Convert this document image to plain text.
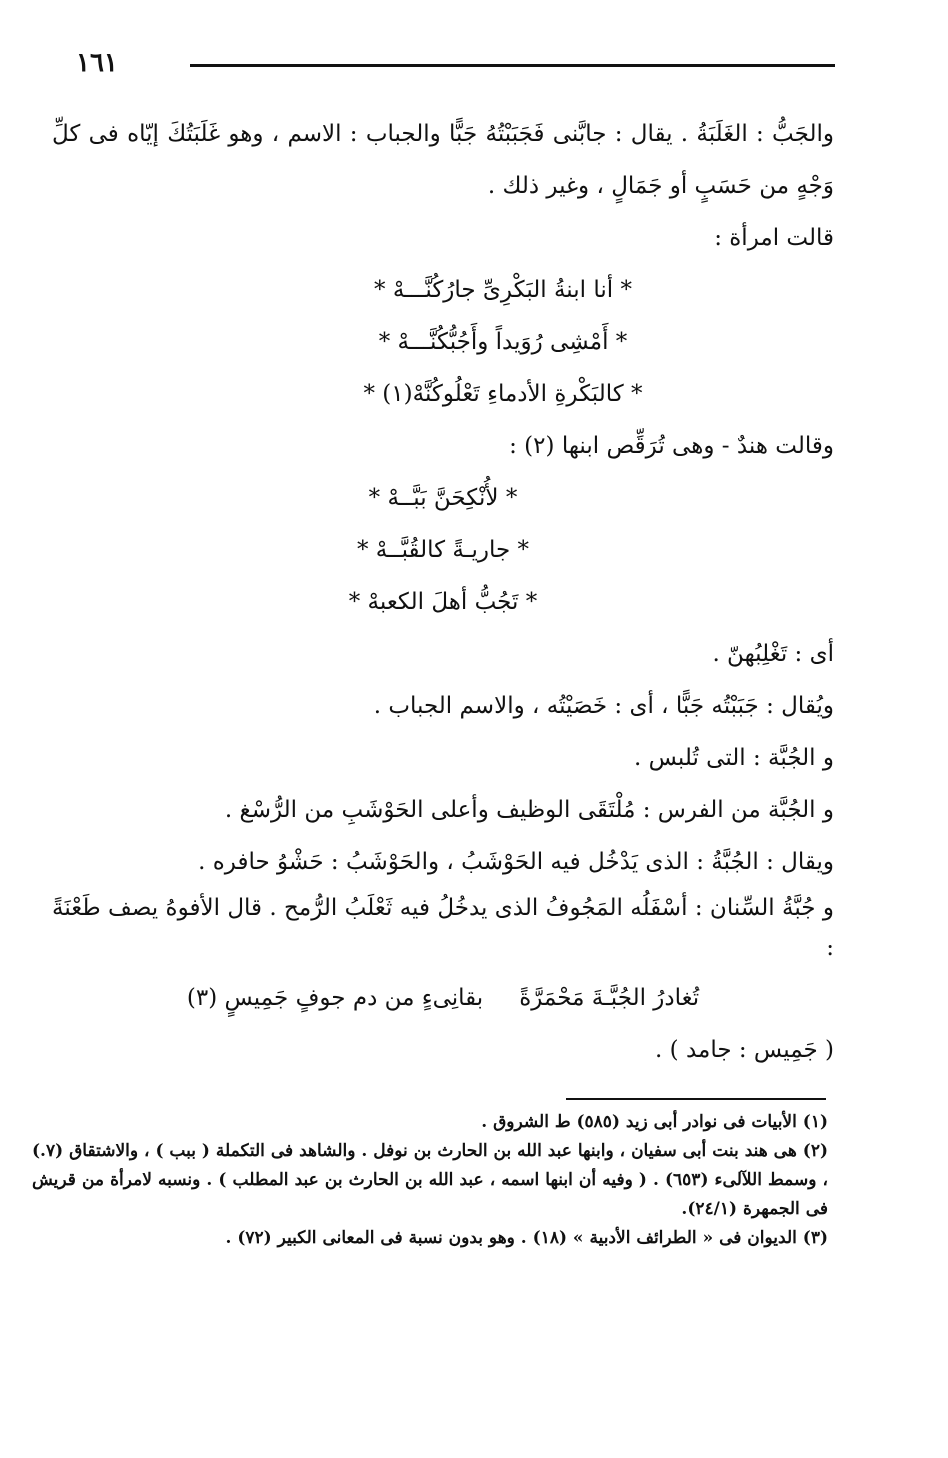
١٦١

والجَبُّ : الغَلَبَةُ . يقال : جابَّنى فَجَبَبْتُهُ جَبًّا والجباب : الاسم ، وهو غَلَبَتُكَ إيّاه فى كلِّ وَجْهٍ من حَسَبٍ أو جَمَالٍ ، وغير ذلك .

قالت امرأة :

* أنا ابنةُ البَكْرِىِّ جارُكُنَّـــهْ *

* أَمْشِى رُوَيداً وأَجُبُّكُنَّـــهْ *

* كالبَكْرةِ الأدماءِ تَعْلُوكُنَّهْ(١) *

وقالت هندٌ - وهى تُرَقِّص ابنها (٢) :

* لأُنْكِحَنَّ بَبَّــهْ *

* جاريـةً كالقُبَّــهْ *

* تَجُبُّ أهلَ الكعبهْ *

أى : تَغْلِبُهنّ .

ويُقال : جَبَبْتُه جَبًّا ، أى : خَصَيْتُه ، والاسم الجباب .

و الجُبَّة : التى تُلبس .

و الجُبَّة من الفرس : مُلْتَقَى الوظيف وأعلى الحَوْشَبِ من الرُّسْغ .

ويقال : الجُبَّةُ : الذى يَدْخُل فيه الحَوْشَبُ ، والحَوْشَبُ : حَشْوُ حافره .

و جُبَّةُ السِّنان : أسْفَلُه المَجُوفُ الذى يدخُلُ فيه ثَعْلَبُ الرُّمح . قال الأفوهُ يصف طَعْنَةً :

تُغادرُ الجُبَّـةَ مَحْمَرَّةً
بقانِىءٍ من دم جوفٍ جَمِيسٍ (٣)

( جَمِيس : جامد ) .

(١) الأبيات فى نوادر أبى زيد (٥٨٥) ط الشروق .

(٢) هى هند بنت أبى سفيان ، وابنها عبد الله بن الحارث بن نوفل . والشاهد فى التكملة ( ببب ) ، والاشتقاق (٧.) ، وسمط اللآلىء (٦٥٣) . ( وفيه أن ابنها اسمه ، عبد الله بن الحارث بن عبد المطلب ) . ونسبه لامرأة من قريش فى الجمهرة (٢٤/١).

(٣) الديوان فى « الطرائف الأدبية » (١٨) . وهو بدون نسبة فى المعانى الكبير (٧٢) .
